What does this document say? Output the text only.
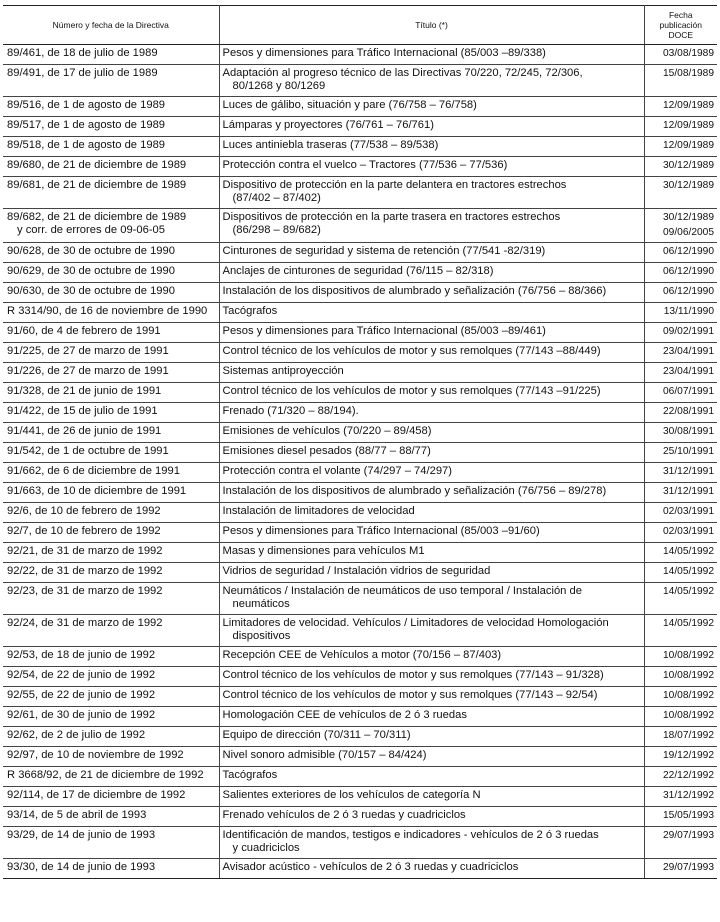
Número y fecha de la Directiva	Título (*)	Fecha
publicación
DOCE

89/461, de 18 de julio de 1989	Pesos y dimensiones para Tráfico Internacional (85/003 –89/338)	03/08/1989

89/491, de 17 de julio de 1989	Adaptación al progreso técnico de las Directivas 70/220, 72/245, 72/306,
80/1268 y 80/1269	15/08/1989

89/516, de 1 de agosto de 1989	Luces de gálibo, situación y pare (76/758 – 76/758)	12/09/1989

89/517, de 1 de agosto de 1989	Lámparas y proyectores (76/761 – 76/761)	12/09/1989

89/518, de 1 de agosto de 1989	Luces antiniebla traseras (77/538 – 89/538)	12/09/1989

89/680, de 21 de diciembre de 1989	Protección contra el vuelco – Tractores (77/536 – 77/536)	30/12/1989

89/681, de 21 de diciembre de 1989	Dispositivo de protección en la parte delantera en tractores estrechos
(87/402 – 87/402)	30/12/1989

89/682, de 21 de diciembre de 1989
y corr. de errores de 09-06-05	Dispositivos de protección en la parte trasera en tractores estrechos
(86/298 – 89/682)	30/12/1989
09/06/2005

90/628, de 30 de octubre de 1990	Cinturones de seguridad y sistema de retención (77/541 -82/319)	06/12/1990

90/629, de 30 de octubre de 1990	Anclajes de cinturones de seguridad (76/115 – 82/318)	06/12/1990

90/630, de 30 de octubre de 1990	Instalación de los dispositivos de alumbrado y señalización (76/756 – 88/366)	06/12/1990

R 3314/90, de 16 de noviembre de 1990	Tacógrafos	13/11/1990

91/60, de 4 de febrero de 1991	Pesos y dimensiones para Tráfico Internacional (85/003 –89/461)	09/02/1991

91/225, de 27 de marzo de 1991	Control técnico de los vehículos de motor y sus remolques (77/143 –88/449)	23/04/1991

91/226, de 27 de marzo de 1991	Sistemas antiproyección	23/04/1991

91/328, de 21 de junio de 1991	Control técnico de los vehículos de motor y sus remolques (77/143 –91/225)	06/07/1991

91/422, de 15 de julio de 1991	Frenado (71/320 – 88/194).	22/08/1991

91/441, de 26 de junio de 1991	Emisiones de vehículos (70/220 – 89/458)	30/08/1991

91/542, de 1 de octubre de 1991	Emisiones diesel pesados (88/77 – 88/77)	25/10/1991

91/662, de 6 de diciembre de 1991	Protección contra el volante (74/297 – 74/297)	31/12/1991

91/663, de 10 de diciembre de 1991	Instalación de los dispositivos de alumbrado y señalización (76/756 – 89/278)	31/12/1991

92/6, de 10 de febrero de 1992	Instalación de limitadores de velocidad	02/03/1991

92/7, de 10 de febrero de 1992	Pesos y dimensiones para Tráfico Internacional (85/003 –91/60)	02/03/1991

92/21, de 31 de marzo de 1992	Masas y dimensiones para vehículos M1	14/05/1992

92/22, de 31 de marzo de 1992	Vidrios de seguridad / Instalación vidrios de seguridad	14/05/1992

92/23, de 31 de marzo de 1992	Neumáticos / Instalación de neumáticos de uso temporal / Instalación de
neumáticos	14/05/1992

92/24, de 31 de marzo de 1992	Limitadores de velocidad. Vehículos / Limitadores de velocidad Homologación
dispositivos	14/05/1992

92/53, de 18 de junio de 1992	Recepción CEE de Vehículos a motor (70/156 – 87/403)	10/08/1992

92/54, de 22 de junio de 1992	Control técnico de los vehículos de motor y sus remolques (77/143 – 91/328)	10/08/1992

92/55, de 22 de junio de 1992	Control técnico de los vehículos de motor y sus remolques (77/143 – 92/54)	10/08/1992

92/61, de 30 de junio de 1992	Homologación CEE de vehículos de 2 ó 3 ruedas	10/08/1992

92/62, de 2 de julio de 1992	Equipo de dirección (70/311 – 70/311)	18/07/1992

92/97, de 10 de noviembre de 1992	Nivel sonoro admisible (70/157 – 84/424)	19/12/1992

R 3668/92, de 21 de diciembre de 1992	Tacógrafos	22/12/1992

92/114, de 17 de diciembre de 1992	Salientes exteriores de los vehículos de categoría N	31/12/1992

93/14, de 5 de abril de 1993	Frenado vehículos de 2 ó 3 ruedas y cuadriciclos	15/05/1993

93/29, de 14 de junio de 1993	Identificación de mandos, testigos e indicadores - vehículos de 2 ó 3 ruedas
y cuadriciclos	29/07/1993

93/30, de 14 de junio de 1993	Avisador acústico - vehículos de 2 ó 3 ruedas y cuadriciclos	29/07/1993
